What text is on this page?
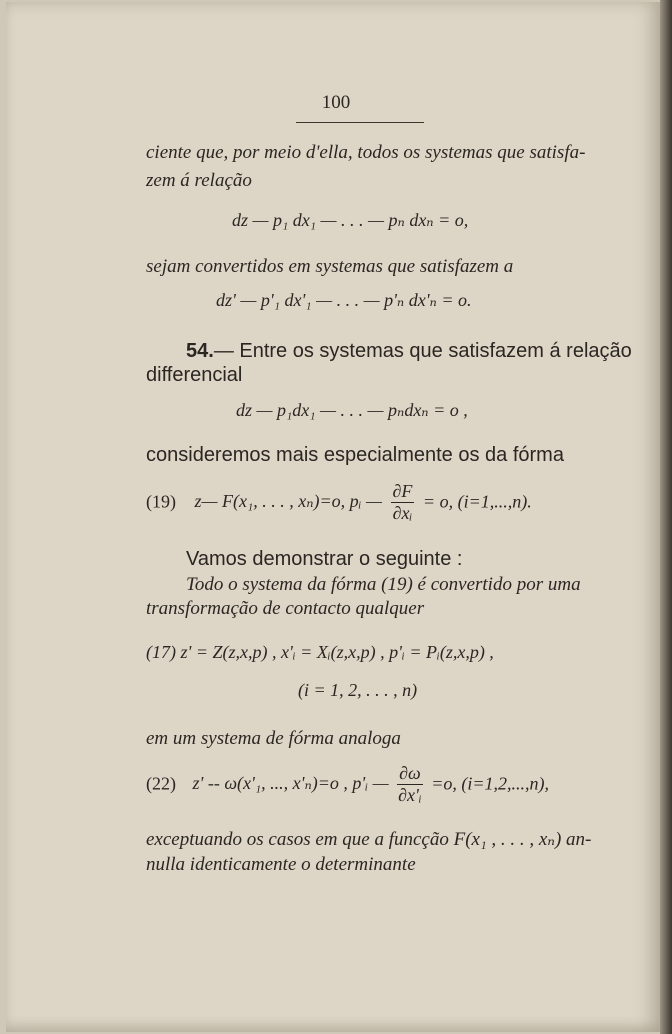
100
ciente que, por meio d'ella, todos os systemas que satisfa-
zem á relação
dz — p₁ dx₁ — . . . — pₙ dxₙ = o,
sejam convertidos em systemas que satisfazem a
dz' — p'₁ dx'₁ — . . . — p'ₙ dx'ₙ = o.
54.— Entre os systemas que satisfazem á relação
differencial
dz — p₁dx₁ — . . . — pₙdxₙ = o ,
consideremos mais especialmente os da fórma
(19) z— F(x₁, . . . , xₙ)=o, pᵢ — $\frac{\partial F}{\text{∂xᵢ}} = o$, (i=1,...,n).
Vamos demonstrar o seguinte :
Todo o systema da fórma (19) é convertido por uma
transformação de contacto qualquer
(17) z' = Z(z,x,p) , x'ᵢ = Xᵢ(z,x,p) , p'ᵢ = Pᵢ(z,x,p) ,
(i = 1, 2, . . . , n)
em um systema de fórma analoga
(22) z' -- ω(x'₁, ..., x'ₙ)=o , p'ᵢ — $\frac{\partial\omega}{\text{∂x'ᵢ}} =o$, (i=1,2,...,n),
exceptuando os casos em que a funcção F(x₁ , . . . , xₙ) an-
nulla identicamente o determinante
